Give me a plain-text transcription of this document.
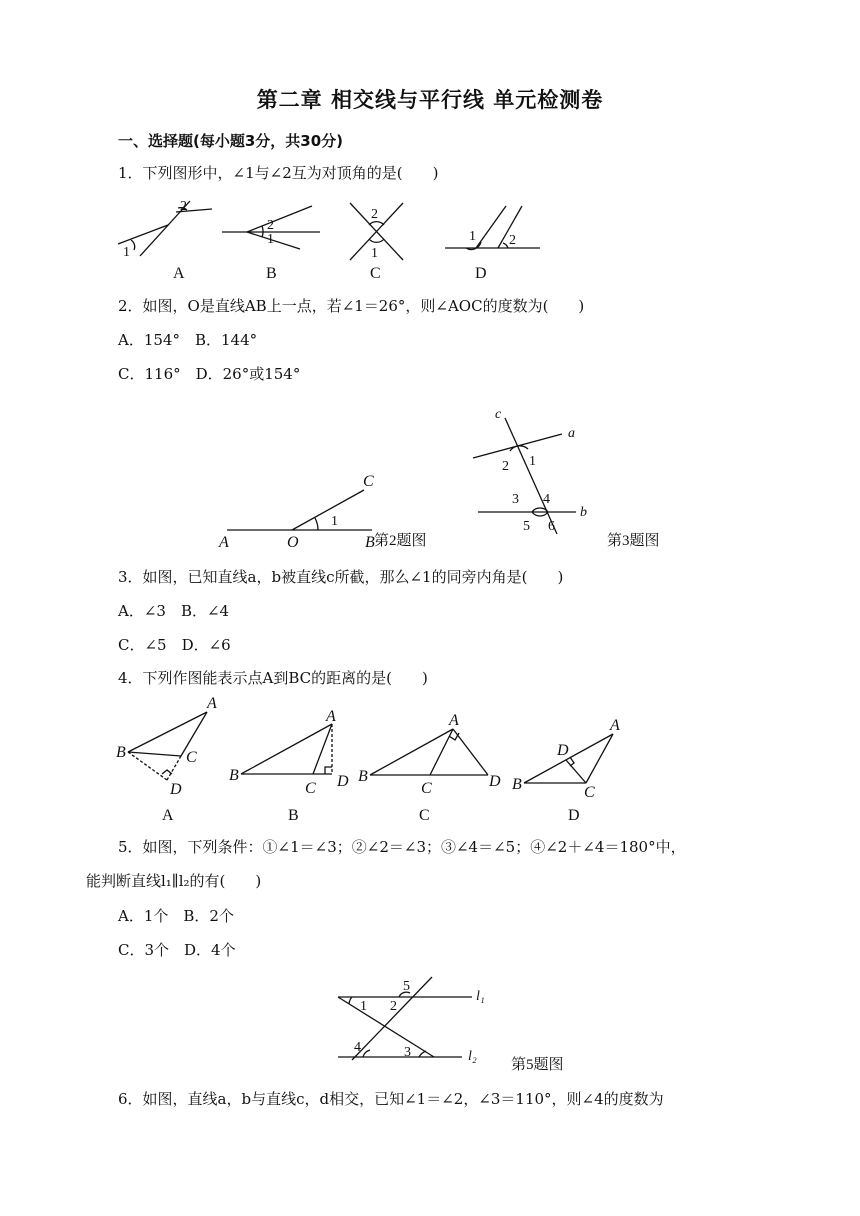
第二章 相交线与平行线 单元检测卷
一、选择题(每小题3分，共30分)
1．下列图形中，∠1与∠2互为对顶角的是(　　)
2
1
A
2
1
B
2
1
C
1 2
D
2．如图，O是直线AB上一点，若∠1＝26°，则∠AOC的度数为(　　)
A．154°　B．144°
C．116°　D．26°或154°
A	O	B
C
1
第2题图
c
a
b
2 1
3 4
5 6
第3题图
3．如图，已知直线a，b被直线c所截，那么∠1的同旁内角是(　　)
A．∠3　B．∠4
C．∠5　D．∠6
4．下列作图能表示点A到BC的距离的是(　　)
A
B	C
D
A
A
B
C D
B
A
B
C	D
C
A
B	C
D
D
5．如图，下列条件：①∠1＝∠3；②∠2＝∠3；③∠4＝∠5；④∠2＋∠4＝180°中，
能判断直线l₁∥l₂的有(　　)
A．1个　B．2个
C．3个　D．4个
1 2
5
4	3
l₁
l₂
第5题图
6．如图，直线a，b与直线c，d相交，已知∠1＝∠2，∠3＝110°，则∠4的度数为
